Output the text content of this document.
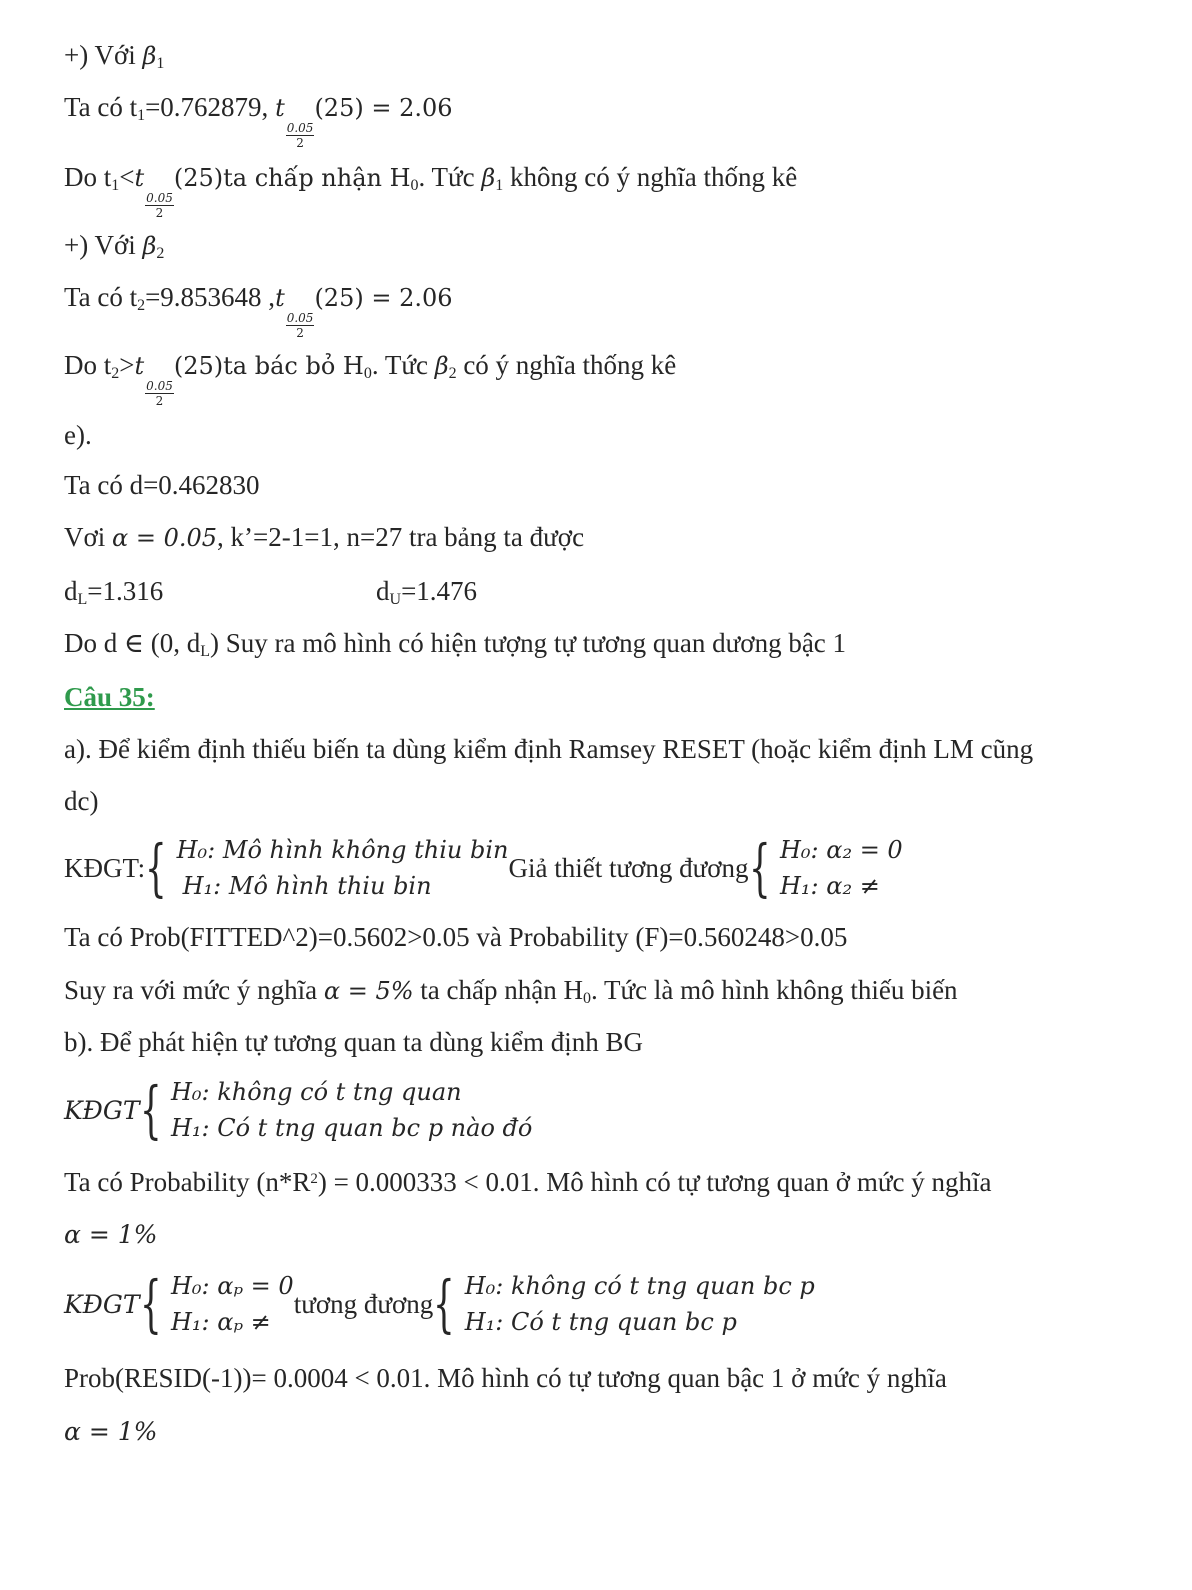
+) Với $\beta_1$
Ta có $t_1=0.762879$, t
$\frac{0.05}{2}$
(25) = 2.06
Do $t_1<t$
$\frac{0.05}{2}$
(25)ta chấp nhận $H_0$. Tức $\beta_1$ không có ý nghĩa thống kê
+) Với $\beta_2$
Ta có $t_2=9.853648$ ,t
$\frac{0.05}{2}$
(25) = 2.06
Do $t_2>t$
$\frac{0.05}{2}$
(25)ta bác bỏ $H_0$. Tức $\beta_2$ có ý nghĩa thống kê
e).
Ta có d=0.462830
Vơi α = 0.05, k’=2-1=1, n=27 tra bảng ta được
$d_L=1.316$	$d_U=1.476$
Do d ∈ (0, $d_L$) Suy ra mô hình có hiện tượng tự tương quan dương bậc 1
Câu 35:
a). Để kiểm định thiếu biến ta dùng kiểm định Ramsey RESET (hoặc kiểm định LM cũng
dc)
KĐGT: { H₀: Mô hình không thiu bin
H₁: Mô hình thiu bin
Giả thiết tương đương { H₀: α₂ = 0
H₁: α₂ ≠
Ta có Prob(FITTED^2)=0.5602>0.05 và Probability (F)=0.560248>0.05
Suy ra với mức ý nghĩa α = 5% ta chấp nhận $H_0$. Tức là mô hình không thiếu biến
b). Để phát hiện tự tương quan ta dùng kiểm định BG
KĐGT { H₀: không có t tng quan
H₁: Có t tng quan bc p nào đó
Ta có Probability $(n*R^2) = 0.000333 < 0.01$. Mô hình có tự tương quan ở mức ý nghĩa
α = 1%
KĐGT { H₀: αₚ = 0
H₁: αₚ ≠
tương đương { H₀: không có t tng quan bc p
H₁: Có t tng quan bc p
Prob(RESID(-1))= 0.0004 < 0.01. Mô hình có tự tương quan bậc 1 ở mức ý nghĩa
α = 1%
